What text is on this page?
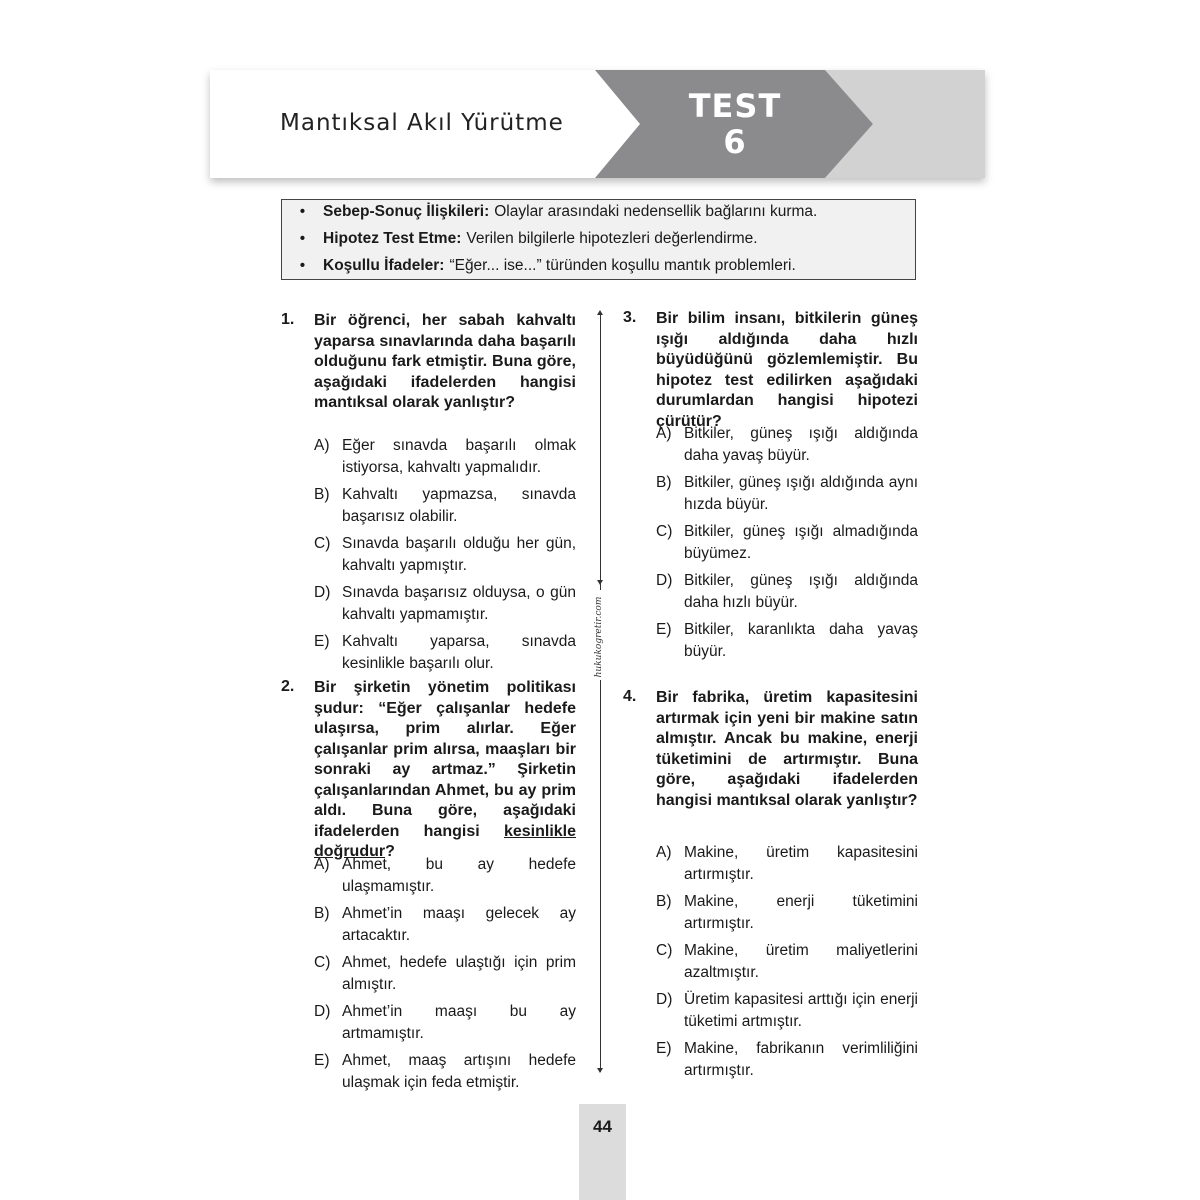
Mantıksal Akıl Yürütme	TEST
6
•	Sebep-Sonuç İlişkileri: Olaylar arasındaki nedensellik bağlarını kurma.
•	Hipotez Test Etme: Verilen bilgilerle hipotezleri değerlendirme.
•	Koşullu İfadeler: “Eğer... ise...” türünden koşullu mantık problemleri.
1. Bir öğrenci, her sabah kahvaltı yaparsa sınavlarında daha başarılı olduğunu fark etmiştir. Buna göre, aşağıdaki ifadelerden hangisi mantıksal olarak yanlıştır?
A) Eğer sınavda başarılı olmak istiyorsa, kahvaltı yapmalıdır.
B) Kahvaltı yapmazsa, sınavda başarısız olabilir.
C) Sınavda başarılı olduğu her gün, kahvaltı yapmıştır.
D) Sınavda başarısız olduysa, o gün kahvaltı yapmamıştır.
E) Kahvaltı yaparsa, sınavda kesinlikle başarılı olur.
2. Bir şirketin yönetim politikası şudur: “Eğer çalışanlar hedefe ulaşırsa, prim alırlar. Eğer çalışanlar prim alırsa, maaşları bir sonraki ay artmaz.” Şirketin çalışanlarından Ahmet, bu ay prim aldı. Buna göre, aşağıdaki ifadelerden hangisi kesinlikle doğrudur?
A) Ahmet, bu ay hedefe ulaşmamıştır.
B) Ahmet’in maaşı gelecek ay artacaktır.
C) Ahmet, hedefe ulaştığı için prim almıştır.
D) Ahmet’in maaşı bu ay artmamıştır.
E) Ahmet, maaş artışını hedefe ulaşmak için feda etmiştir.
hukukogretir.com
3. Bir bilim insanı, bitkilerin güneş ışığı aldığında daha hızlı büyüdüğünü gözlemlemiştir. Bu hipotez test edilirken aşağıdaki durumlardan hangisi hipotezi çürütür?
A) Bitkiler, güneş ışığı aldığında daha yavaş büyür.
B) Bitkiler, güneş ışığı aldığında aynı hızda büyür.
C) Bitkiler, güneş ışığı almadığında büyümez.
D) Bitkiler, güneş ışığı aldığında daha hızlı büyür.
E) Bitkiler, karanlıkta daha yavaş büyür.
4. Bir fabrika, üretim kapasitesini artırmak için yeni bir makine satın almıştır. Ancak bu makine, enerji tüketimini de artırmıştır. Buna göre, aşağıdaki ifadelerden hangisi mantıksal olarak yanlıştır?
A) Makine, üretim kapasitesini artırmıştır.
B) Makine, enerji tüketimini artırmıştır.
C) Makine, üretim maliyetlerini azaltmıştır.
D) Üretim kapasitesi arttığı için enerji tüketimi artmıştır.
E) Makine, fabrikanın verimliliğini artırmıştır.
44
